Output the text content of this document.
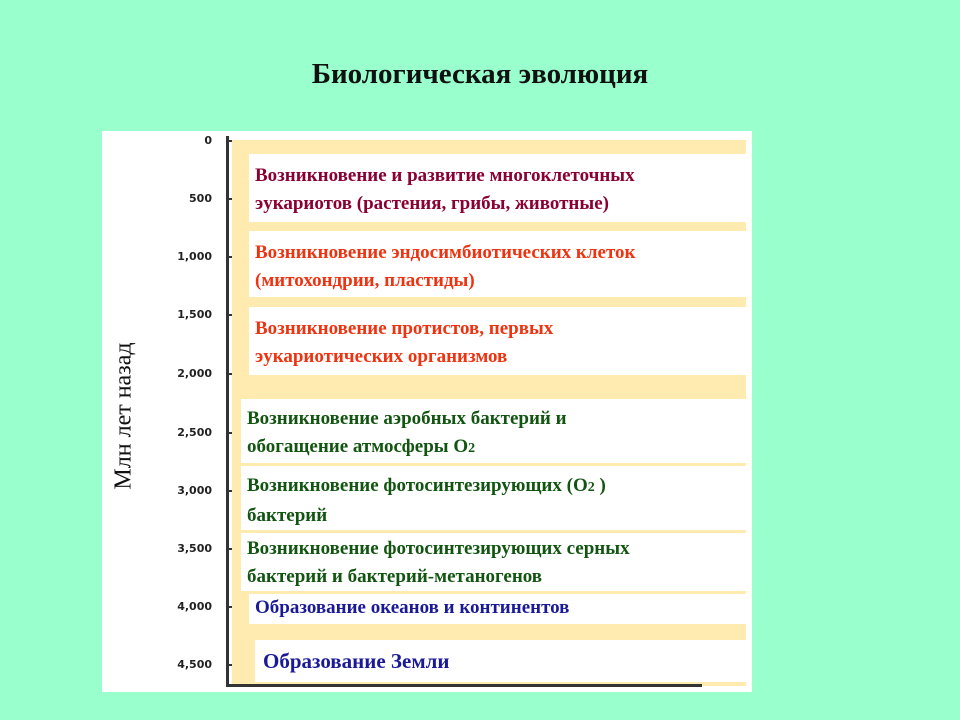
Биологическая эволюция
Млн лет назад
0
500
1,000
1,500
2,000
2,500
3,000
3,500
4,000
4,500
Возникновение и развитие многоклеточных
эукариотов (растения, грибы, животные)
Возникновение эндосимбиотических клеток
(митохондрии, пластиды)
Возникновение протистов, первых
эукариотических организмов
Возникновение аэробных бактерий и
обогащение атмосферы О2
Возникновение фотосинтезирующих (О2 )
бактерий
Возникновение фотосинтезирующих серных
бактерий и бактерий-метаногенов
Образование океанов и континентов
Образование Земли
